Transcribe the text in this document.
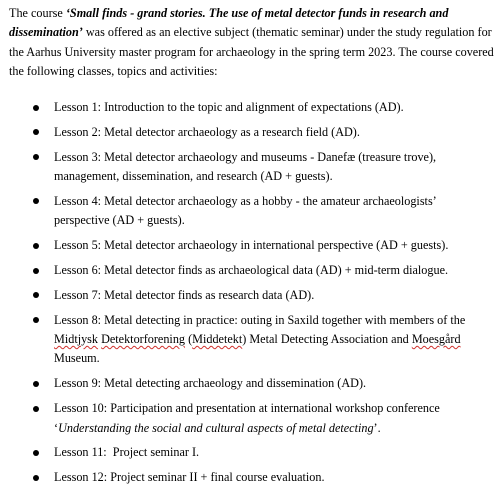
The course ‘Small finds - grand stories. The use of metal detector funds in research and dissemination’ was offered as an elective subject (thematic seminar) under the study regulation for the Aarhus University master program for archaeology in the spring term 2023. The course covered the following classes, topics and activities:

Lesson 1: Introduction to the topic and alignment of expectations (AD).
Lesson 2: Metal detector archaeology as a research field (AD).
Lesson 3: Metal detector archaeology and museums - Danefæ (treasure trove), management, dissemination, and research (AD + guests).
Lesson 4: Metal detector archaeology as a hobby - the amateur archaeologists’ perspective (AD + guests).
Lesson 5: Metal detector archaeology in international perspective (AD + guests).
Lesson 6: Metal detector finds as archaeological data (AD) + mid-term dialogue.
Lesson 7: Metal detector finds as research data (AD).
Lesson 8: Metal detecting in practice: outing in Saxild together with members of the Midtjysk Detektorforening (Middetekt) Metal Detecting Association and Moesgård Museum.
Lesson 9: Metal detecting archaeology and dissemination (AD).
Lesson 10: Participation and presentation at international workshop conference ‘Understanding the social and cultural aspects of metal detecting’.
Lesson 11:  Project seminar I.
Lesson 12: Project seminar II + final course evaluation.
